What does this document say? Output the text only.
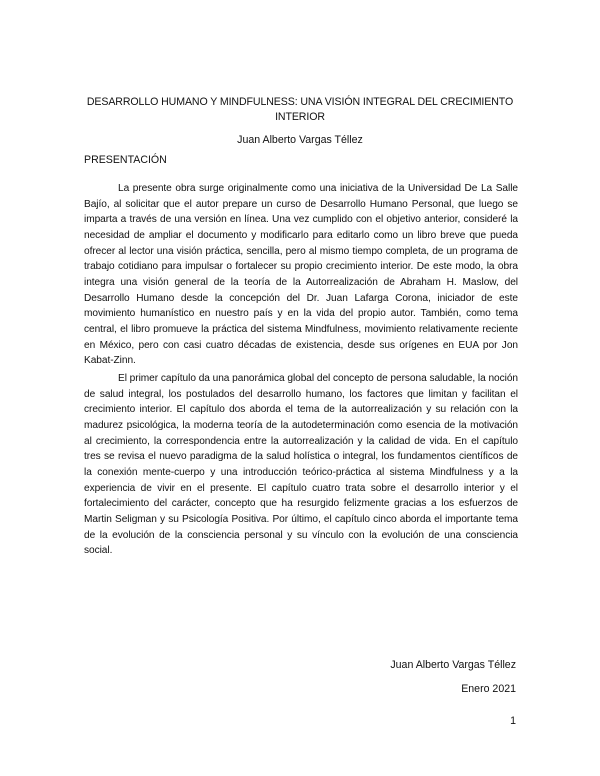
DESARROLLO HUMANO Y MINDFULNESS: UNA VISIÓN INTEGRAL DEL CRECIMIENTO INTERIOR
Juan Alberto Vargas Téllez
PRESENTACIÓN

La presente obra surge originalmente como una iniciativa de la Universidad De La Salle Bajío, al solicitar que el autor prepare un curso de Desarrollo Humano Personal, que luego se imparta a través de una versión en línea. Una vez cumplido con el objetivo anterior, consideré la necesidad de ampliar el documento y modificarlo para editarlo como un libro breve que pueda ofrecer al lector una visión práctica, sencilla, pero al mismo tiempo completa, de un programa de trabajo cotidiano para impulsar o fortalecer su propio crecimiento interior. De este modo, la obra integra una visión general de la teoría de la Autorrealización de Abraham H. Maslow, del Desarrollo Humano desde la concepción del Dr. Juan Lafarga Corona, iniciador de este movimiento humanístico en nuestro país y en la vida del propio autor. También, como tema central, el libro promueve la práctica del sistema Mindfulness, movimiento relativamente reciente en México, pero con casi cuatro décadas de existencia, desde sus orígenes en EUA por Jon Kabat-Zinn.

El primer capítulo da una panorámica global del concepto de persona saludable, la noción de salud integral, los postulados del desarrollo humano, los factores que limitan y facilitan el crecimiento interior. El capítulo dos aborda el tema de la autorrealización y su relación con la madurez psicológica, la moderna teoría de la autodeterminación como esencia de la motivación al crecimiento, la correspondencia entre la autorrealización y la calidad de vida. En el capítulo tres se revisa el nuevo paradigma de la salud holística o integral, los fundamentos científicos de la conexión mente-cuerpo y una introducción teórico-práctica al sistema Mindfulness y a la experiencia de vivir en el presente. El capítulo cuatro trata sobre el desarrollo interior y el fortalecimiento del carácter, concepto que ha resurgido felizmente gracias a los esfuerzos de Martin Seligman y su Psicología Positiva. Por último, el capítulo cinco aborda el importante tema de la evolución de la consciencia personal y su vínculo con la evolución de una consciencia social.

Juan Alberto Vargas Téllez
Enero 2021
1
